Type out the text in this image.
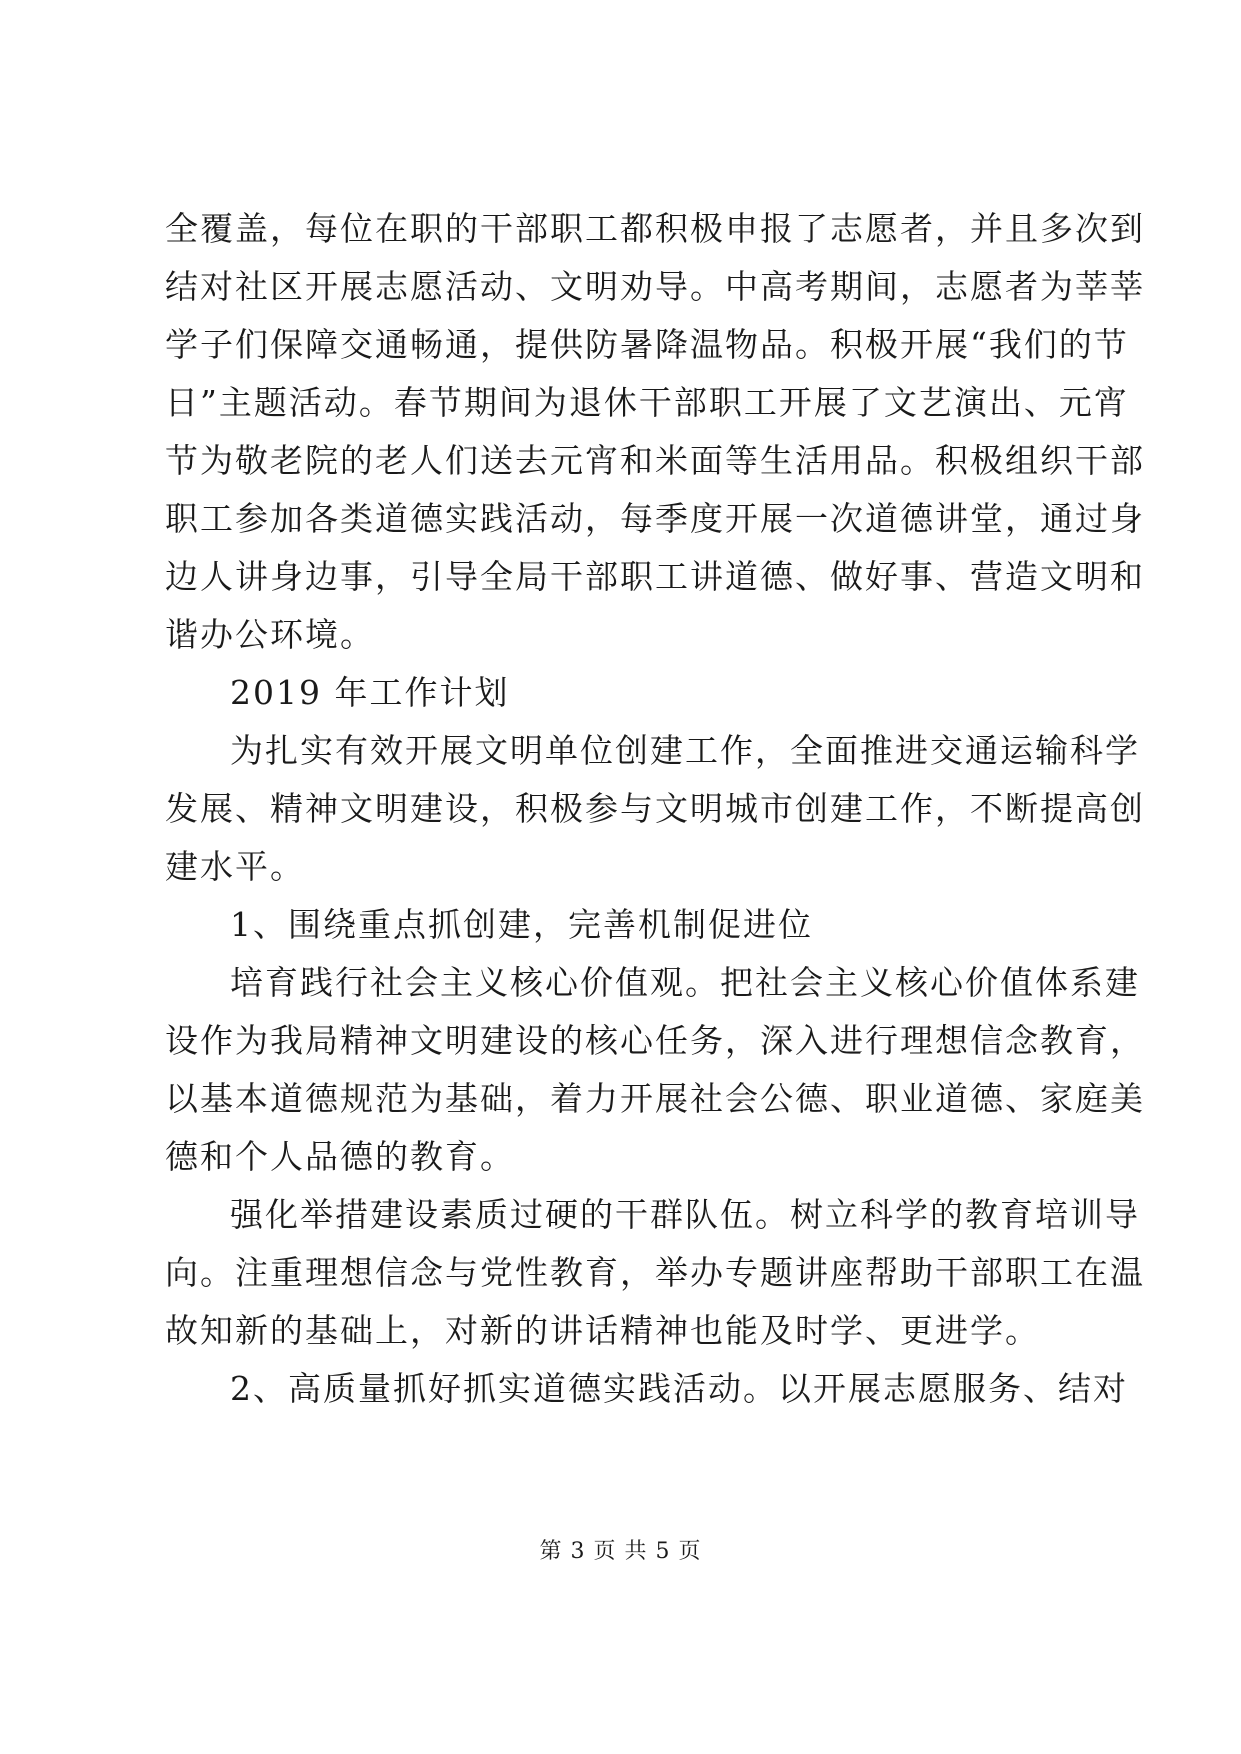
全覆盖，每位在职的干部职工都积极申报了志愿者，并且多次到
结对社区开展志愿活动、文明劝导。中高考期间，志愿者为莘莘
学子们保障交通畅通，提供防暑降温物品。积极开展“我们的节
日”主题活动。春节期间为退休干部职工开展了文艺演出、元宵
节为敬老院的老人们送去元宵和米面等生活用品。积极组织干部
职工参加各类道德实践活动，每季度开展一次道德讲堂，通过身
边人讲身边事，引导全局干部职工讲道德、做好事、营造文明和
谐办公环境。
2019 年工作计划
为扎实有效开展文明单位创建工作，全面推进交通运输科学
发展、精神文明建设，积极参与文明城市创建工作，不断提高创
建水平。
1、围绕重点抓创建，完善机制促进位
培育践行社会主义核心价值观。把社会主义核心价值体系建
设作为我局精神文明建设的核心任务，深入进行理想信念教育，
以基本道德规范为基础，着力开展社会公德、职业道德、家庭美
德和个人品德的教育。
强化举措建设素质过硬的干群队伍。树立科学的教育培训导
向。注重理想信念与党性教育，举办专题讲座帮助干部职工在温
故知新的基础上，对新的讲话精神也能及时学、更进学。
2、高质量抓好抓实道德实践活动。以开展志愿服务、结对
第 3 页 共 5 页
